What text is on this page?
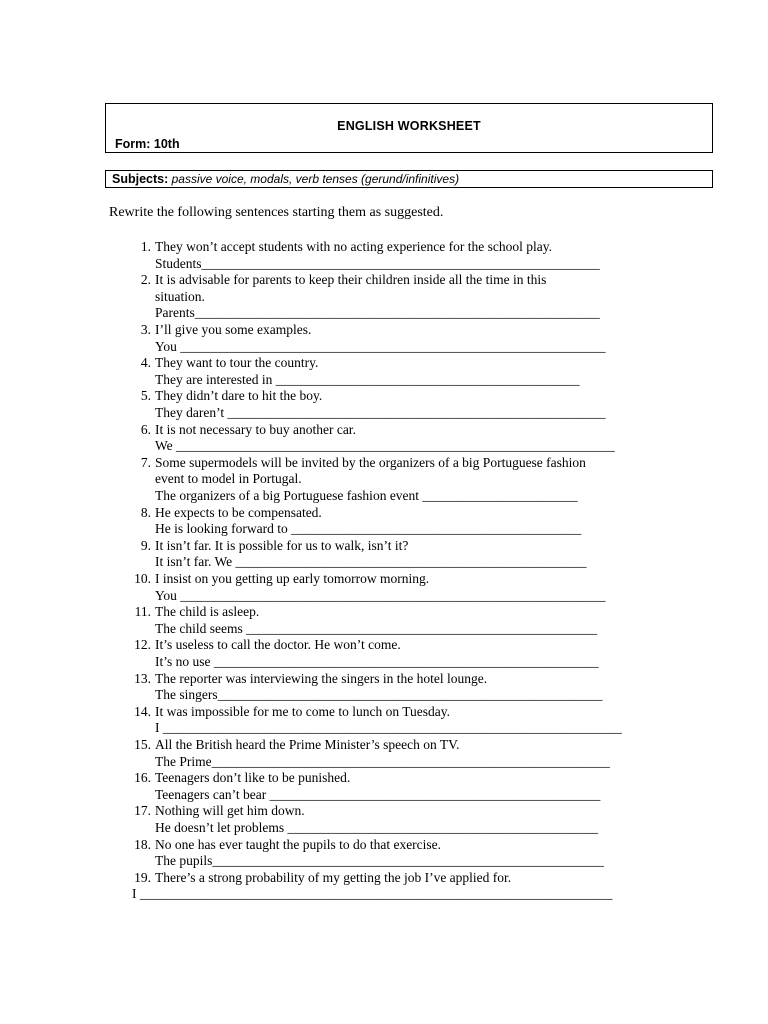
ENGLISH WORKSHEET
Form: 10th
Subjects: passive voice, modals, verb tenses (gerund/infinitives)
Rewrite the following sentences starting them as suggested.
1. They won’t accept students with no acting experience for the school play.
Students___________________________________________________________
2. It is advisable for parents to keep their children inside all the time in this
situation.
Parents____________________________________________________________
3. I’ll give you some examples.
You _______________________________________________________________
4. They want to tour the country.
They are interested in _____________________________________________
5. They didn’t dare to hit the boy.
They daren’t ________________________________________________________
6. It is not necessary to buy another car.
We _________________________________________________________________
7. Some supermodels will be invited by the organizers of a big Portuguese fashion
event to model in Portugal.
The organizers of a big Portuguese fashion event _______________________
8. He expects to be compensated.
He is looking forward to ___________________________________________
9. It isn’t far. It is possible for us to walk, isn’t it?
It isn’t far. We ____________________________________________________
10. I insist on you getting up early tomorrow morning.
You _______________________________________________________________
11. The child is asleep.
The child seems ____________________________________________________
12. It’s useless to call the doctor. He won’t come.
It’s no use _________________________________________________________
13. The reporter was interviewing the singers in the hotel lounge.
The singers_________________________________________________________
14. It was impossible for me to come to lunch on Tuesday.
I ____________________________________________________________________
15. All the British heard the Prime Minister’s speech on TV.
The Prime___________________________________________________________
16. Teenagers don’t like to be punished.
Teenagers can’t bear _________________________________________________
17. Nothing will get him down.
He doesn’t let problems ______________________________________________
18. No one has ever taught the pupils to do that exercise.
The pupils__________________________________________________________
19. There’s a strong probability of my getting the job I’ve applied for.
I ______________________________________________________________________
